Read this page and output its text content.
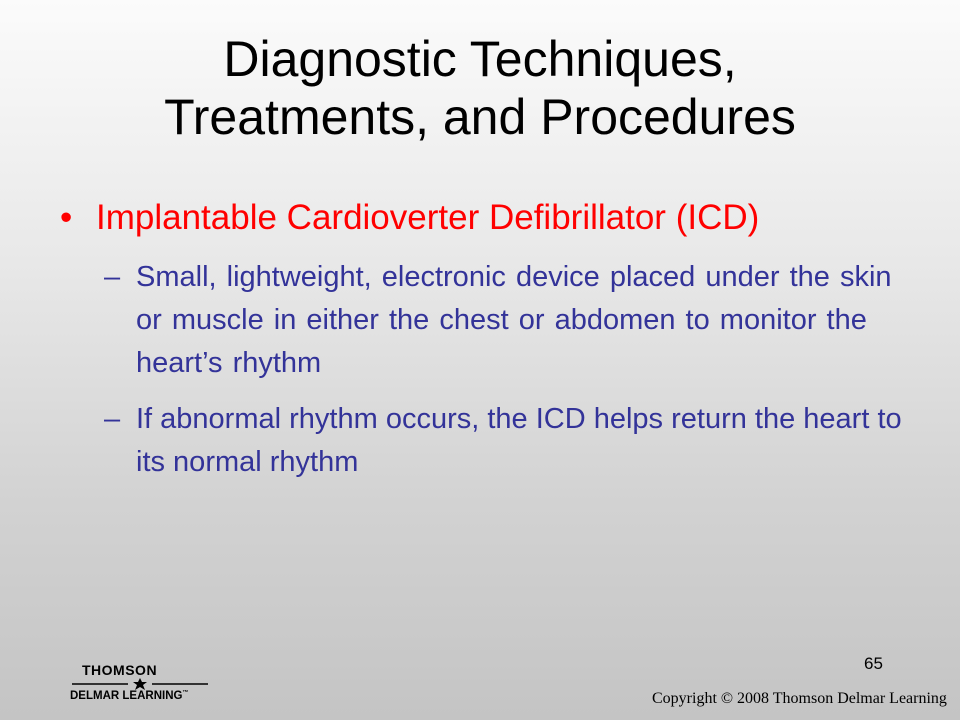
Diagnostic Techniques,
Treatments, and Procedures
• Implantable Cardioverter Defibrillator (ICD)
– Small, lightweight, electronic device placed under the skin or muscle in either the chest or abdomen to monitor the heart’s rhythm
– If abnormal rhythm occurs, the ICD helps return the heart to its normal rhythm
65
THOMSON
DELMAR LEARNING™	Copyright © 2008 Thomson Delmar Learning
